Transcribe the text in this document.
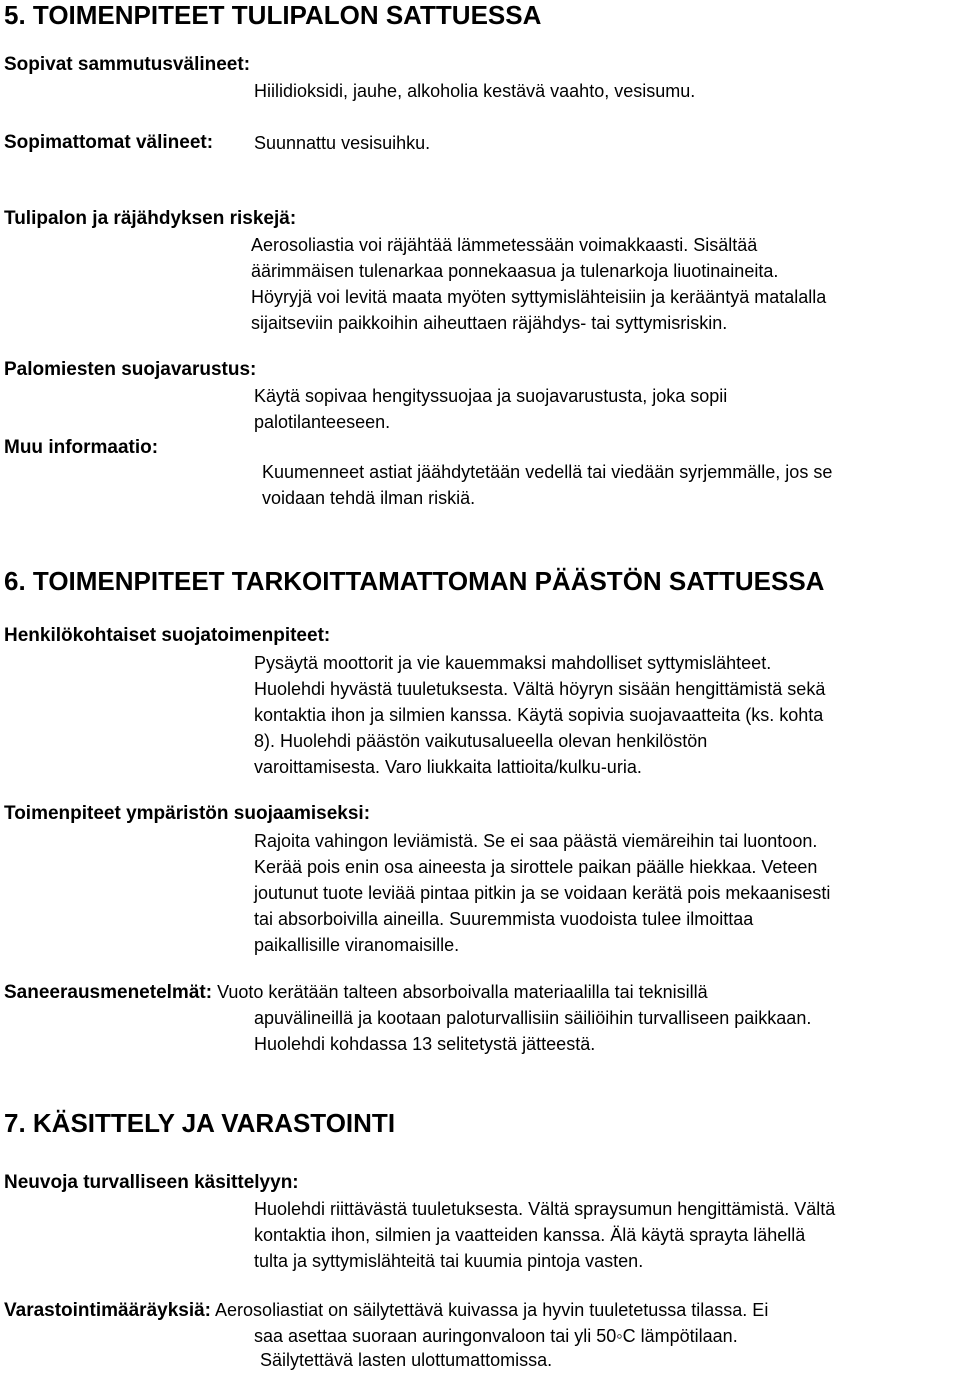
5. TOIMENPITEET TULIPALON SATTUESSA
Sopivat sammutusvälineet:
Hiilidioksidi, jauhe, alkoholia kestävä vaahto, vesisumu.
Sopimattomat välineet: Suunnattu vesisuihku.
Tulipalon ja räjähdyksen riskejä:
Aerosoliastia voi räjähtää lämmetessään voimakkaasti. Sisältää
äärimmäisen tulenarkaa ponnekaasua ja tulenarkoja liuotinaineita.
Höyryjä voi levitä maata myöten syttymislähteisiin ja kerääntyä matalalla
sijaitseviin paikkoihin aiheuttaen räjähdys- tai syttymisriskin.
Palomiesten suojavarustus:
Käytä sopivaa hengityssuojaa ja suojavarustusta, joka sopii
palotilanteeseen.
Muu informaatio:
Kuumenneet astiat jäähdytetään vedellä tai viedään syrjemmälle, jos se
voidaan tehdä ilman riskiä.
6. TOIMENPITEET TARKOITTAMATTOMAN PÄÄSTÖN SATTUESSA
Henkilökohtaiset suojatoimenpiteet:
Pysäytä moottorit ja vie kauemmaksi mahdolliset syttymislähteet.
Huolehdi hyvästä tuuletuksesta. Vältä höyryn sisään hengittämistä sekä
kontaktia ihon ja silmien kanssa. Käytä sopivia suojavaatteita (ks. kohta
8). Huolehdi päästön vaikutusalueella olevan henkilöstön
varoittamisesta. Varo liukkaita lattioita/kulku-uria.
Toimenpiteet ympäristön suojaamiseksi:
Rajoita vahingon leviämistä. Se ei saa päästä viemäreihin tai luontoon.
Kerää pois enin osa aineesta ja sirottele paikan päälle hiekkaa. Veteen
joutunut tuote leviää pintaa pitkin ja se voidaan kerätä pois mekaanisesti
tai absorboivilla aineilla. Suuremmista vuodoista tulee ilmoittaa
paikallisille viranomaisille.
Saneerausmenetelmät: Vuoto kerätään talteen absorboivalla materiaalilla tai teknisillä
apuvälineillä ja kootaan paloturvallisiin säiliöihin turvalliseen paikkaan.
Huolehdi kohdassa 13 selitetystä jätteestä.
7. KÄSITTELY JA VARASTOINTI
Neuvoja turvalliseen käsittelyyn:
Huolehdi riittävästä tuuletuksesta. Vältä spraysumun hengittämistä. Vältä
kontaktia ihon, silmien ja vaatteiden kanssa. Älä käytä sprayta lähellä
tulta ja syttymislähteitä tai kuumia pintoja vasten.
Varastointimääräyksiä: Aerosoliastiat on säilytettävä kuivassa ja hyvin tuuletetussa tilassa. Ei
saa asettaa suoraan auringonvaloon tai yli 50◦C lämpötilaan.
Säilytettävä lasten ulottumattomissa.
